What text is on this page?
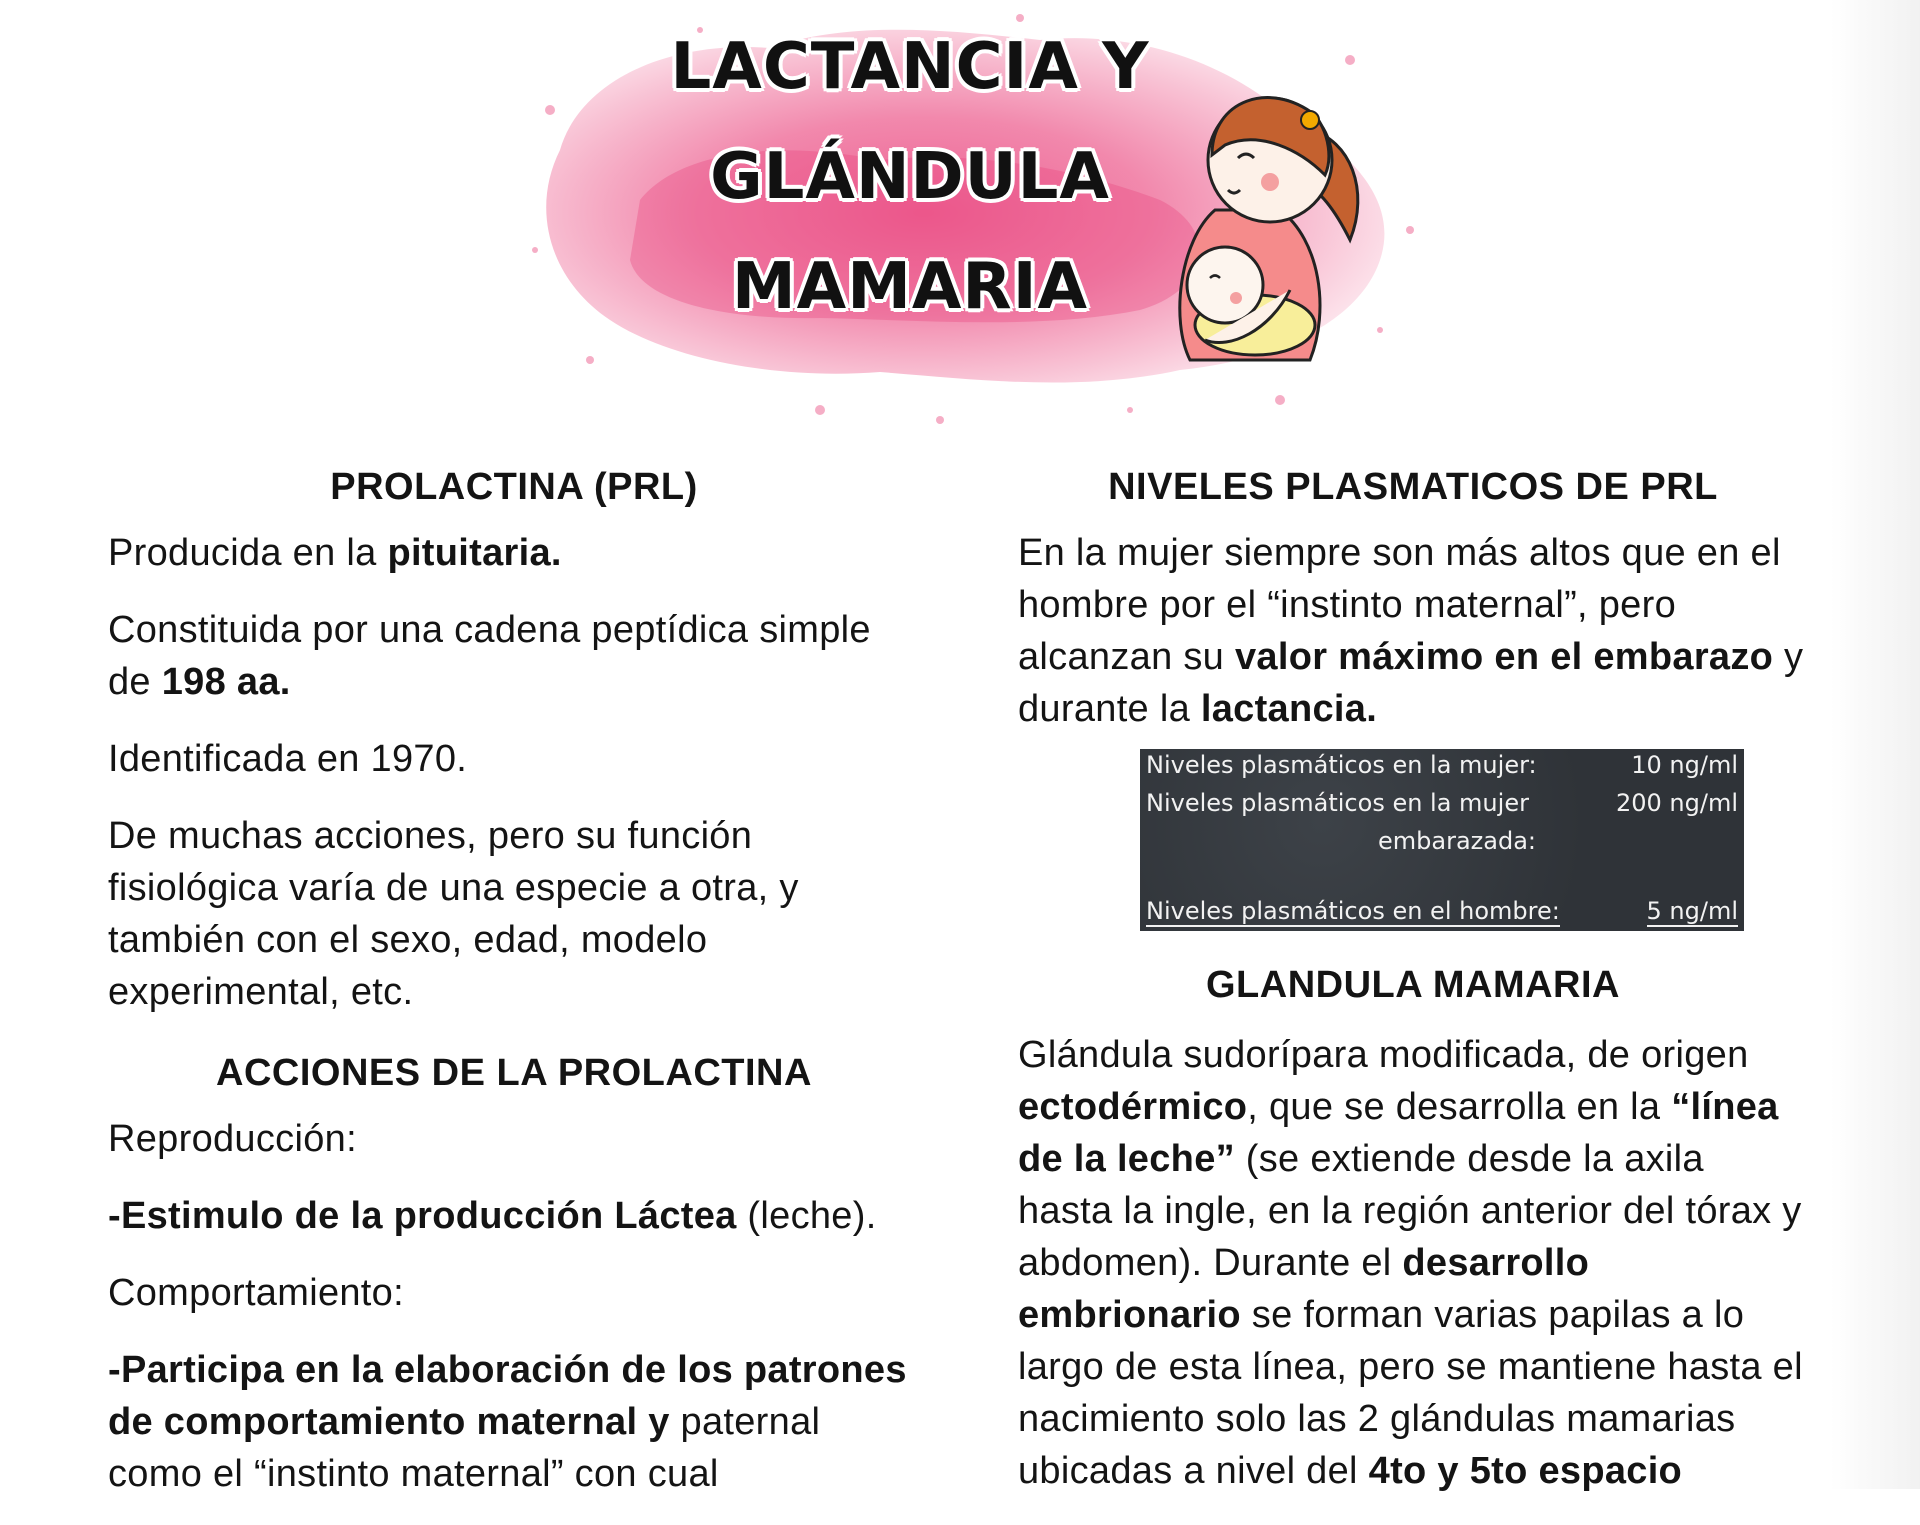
LACTANCIA Y
GLÁNDULA
MAMARIA
PROLACTINA (PRL)

Producida en la pituitaria.

Constituida por una cadena peptídica simple de 198 aa.

Identificada en 1970.

De muchas acciones, pero su función fisiológica varía de una especie a otra, y también con el sexo, edad, modelo experimental, etc.

ACCIONES DE LA PROLACTINA

Reproducción:

-Estimulo de la producción Láctea (leche).

Comportamiento:

-Participa en la elaboración de los patrones de comportamiento maternal y paternal como el “instinto maternal” con cual

NIVELES PLASMATICOS DE PRL

En la mujer siempre son más altos que en el hombre por el “instinto maternal”, pero alcanzan su valor máximo en el embarazo y durante la lactancia.

Niveles plasmáticos en la mujer:	10 ng/ml
Niveles plasmáticos en la mujer	200 ng/ml
embarazada:
Niveles plasmáticos en el hombre:	5 ng/ml
GLANDULA MAMARIA

Glándula sudorípara modificada, de origen ectodérmico, que se desarrolla en la “línea de la leche” (se extiende desde la axila hasta la ingle, en la región anterior del tórax y abdomen). Durante el desarrollo embrionario se forman varias papilas a lo largo de esta línea, pero se mantiene hasta el nacimiento solo las 2 glándulas mamarias ubicadas a nivel del 4to y 5to espacio
